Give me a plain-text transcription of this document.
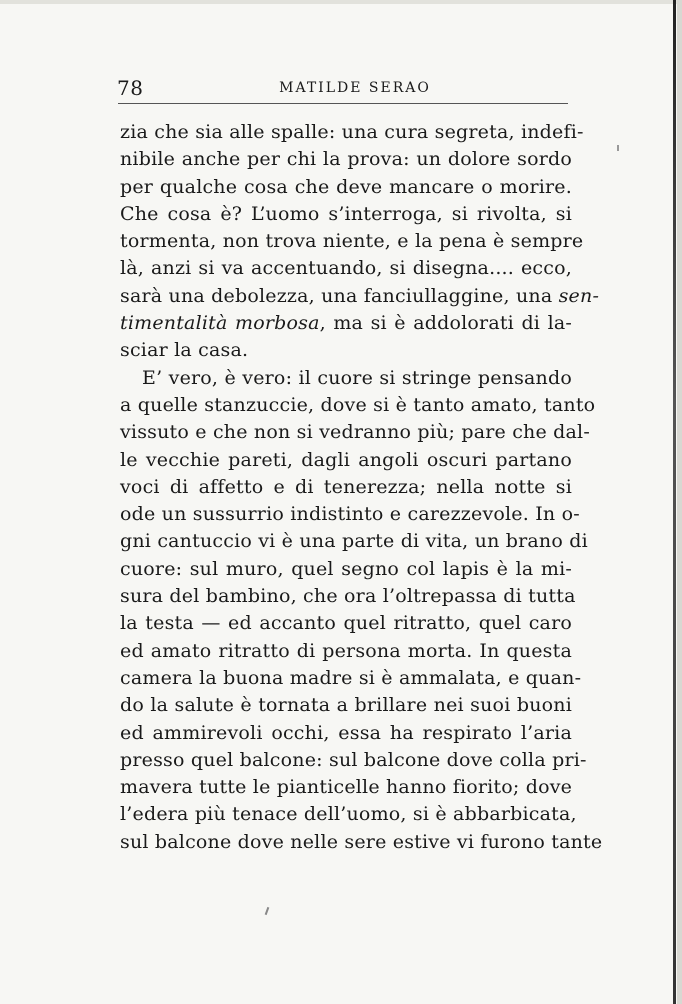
78	MATILDE SERAO
zia che sia alle spalle: una cura segreta, indefi-
nibile anche per chi la prova: un dolore sordo
per qualche cosa che deve mancare o morire.
Che cosa è? L’uomo s’interroga, si rivolta, si
tormenta, non trova niente, e la pena è sempre
là, anzi si va accentuando, si disegna.... ecco,
sarà una debolezza, una fanciullaggine, una sen-
timentalità morbosa, ma si è addolorati di la-
sciar la casa.
E’ vero, è vero: il cuore si stringe pensando
a quelle stanzuccie, dove si è tanto amato, tanto
vissuto e che non si vedranno più; pare che dal-
le vecchie pareti, dagli angoli oscuri partano
voci di affetto e di tenerezza; nella notte si
ode un sussurrio indistinto e carezzevole. In o-
gni cantuccio vi è una parte di vita, un brano di
cuore: sul muro, quel segno col lapis è la mi-
sura del bambino, che ora l’oltrepassa di tutta
la testa — ed accanto quel ritratto, quel caro
ed amato ritratto di persona morta. In questa
camera la buona madre si è ammalata, e quan-
do la salute è tornata a brillare nei suoi buoni
ed ammirevoli occhi, essa ha respirato l’aria
presso quel balcone: sul balcone dove colla pri-
mavera tutte le pianticelle hanno fiorito; dove
l’edera più tenace dell’uomo, si è abbarbicata,
sul balcone dove nelle sere estive vi furono tante
